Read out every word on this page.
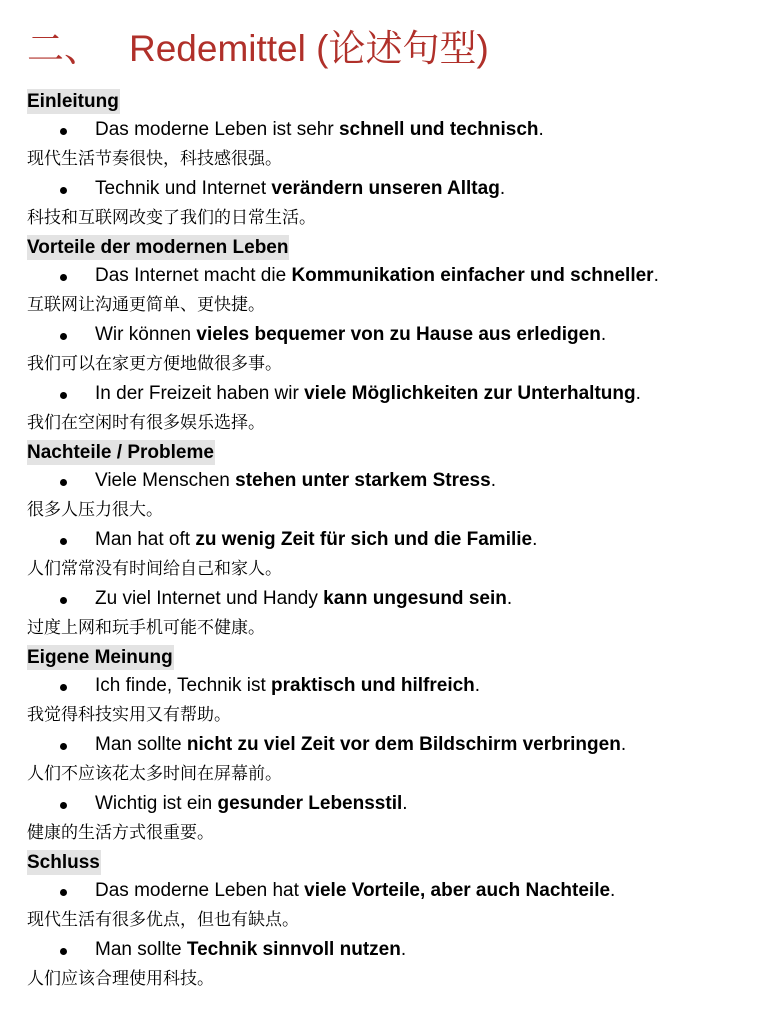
二、 Redemittel (论述句型)
Einleitung
Das moderne Leben ist sehr schnell und technisch.
现代生活节奏很快，科技感很强。
Technik und Internet verändern unseren Alltag.
科技和互联网改变了我们的日常生活。
Vorteile der modernen Leben
Das Internet macht die Kommunikation einfacher und schneller.
互联网让沟通更简单、更快捷。
Wir können vieles bequemer von zu Hause aus erledigen.
我们可以在家更方便地做很多事。
In der Freizeit haben wir viele Möglichkeiten zur Unterhaltung.
我们在空闲时有很多娱乐选择。
Nachteile / Probleme
Viele Menschen stehen unter starkem Stress.
很多人压力很大。
Man hat oft zu wenig Zeit für sich und die Familie.
人们常常没有时间给自己和家人。
Zu viel Internet und Handy kann ungesund sein.
过度上网和玩手机可能不健康。
Eigene Meinung
Ich finde, Technik ist praktisch und hilfreich.
我觉得科技实用又有帮助。
Man sollte nicht zu viel Zeit vor dem Bildschirm verbringen.
人们不应该花太多时间在屏幕前。
Wichtig ist ein gesunder Lebensstil.
健康的生活方式很重要。
Schluss
Das moderne Leben hat viele Vorteile, aber auch Nachteile.
现代生活有很多优点，但也有缺点。
Man sollte Technik sinnvoll nutzen.
人们应该合理使用科技。
